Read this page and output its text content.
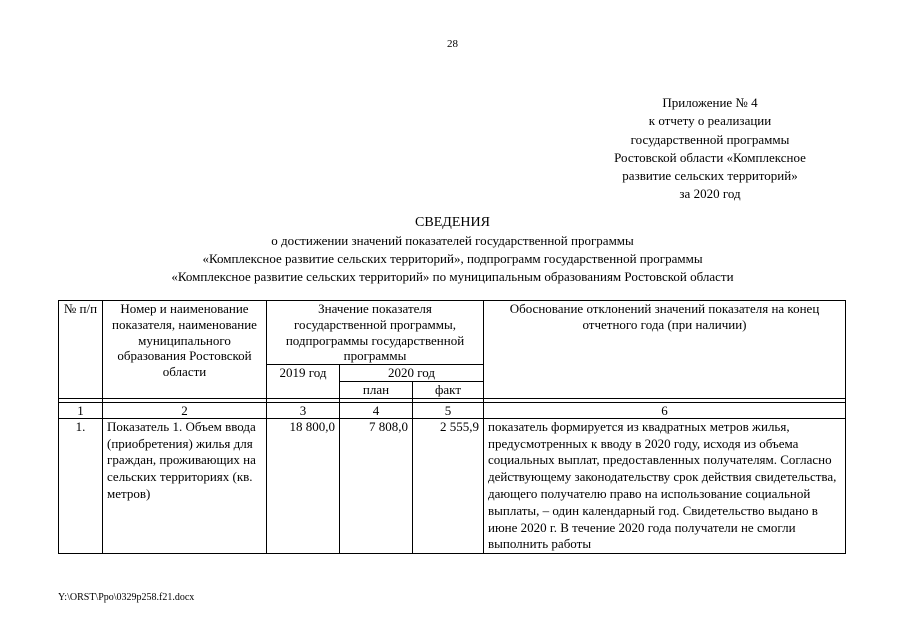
28
Приложение № 4
к отчету о реализации
государственной программы
Ростовской области «Комплексное
развитие сельских территорий»
за 2020 год
СВЕДЕНИЯ
о достижении значений показателей государственной программы
«Комплексное развитие сельских территорий», подпрограмм государственной программы
«Комплексное развитие сельских территорий» по муниципальным образованиям Ростовской области
№ п/п	Номер и наименование показателя, наименование муниципального образования Ростовской области	Значение показателя государственной программы, подпрограммы государственной программы			Обоснование отклонений значений показателя на конец отчетного года (при наличии)
		2019 год	2020 год		
			план	факт	

1	2	3	4	5	6
1.	Показатель 1. Объем ввода (приобретения) жилья для граждан, проживающих на сельских территориях (кв. метров)	18 800,0	7 808,0	2 555,9	показатель формируется из квадратных метров жилья, предусмотренных к вводу в 2020 году, исходя из объема социальных выплат, предоставленных получателям. Согласно действующему законодательству срок действия свидетельства, дающего получателю право на использование социальной выплаты, – один календарный год. Свидетельство выдано в июне 2020 г. В течение 2020 года получатели не смогли выполнить работы
Y:\ORST\Ppo\0329p258.f21.docx
